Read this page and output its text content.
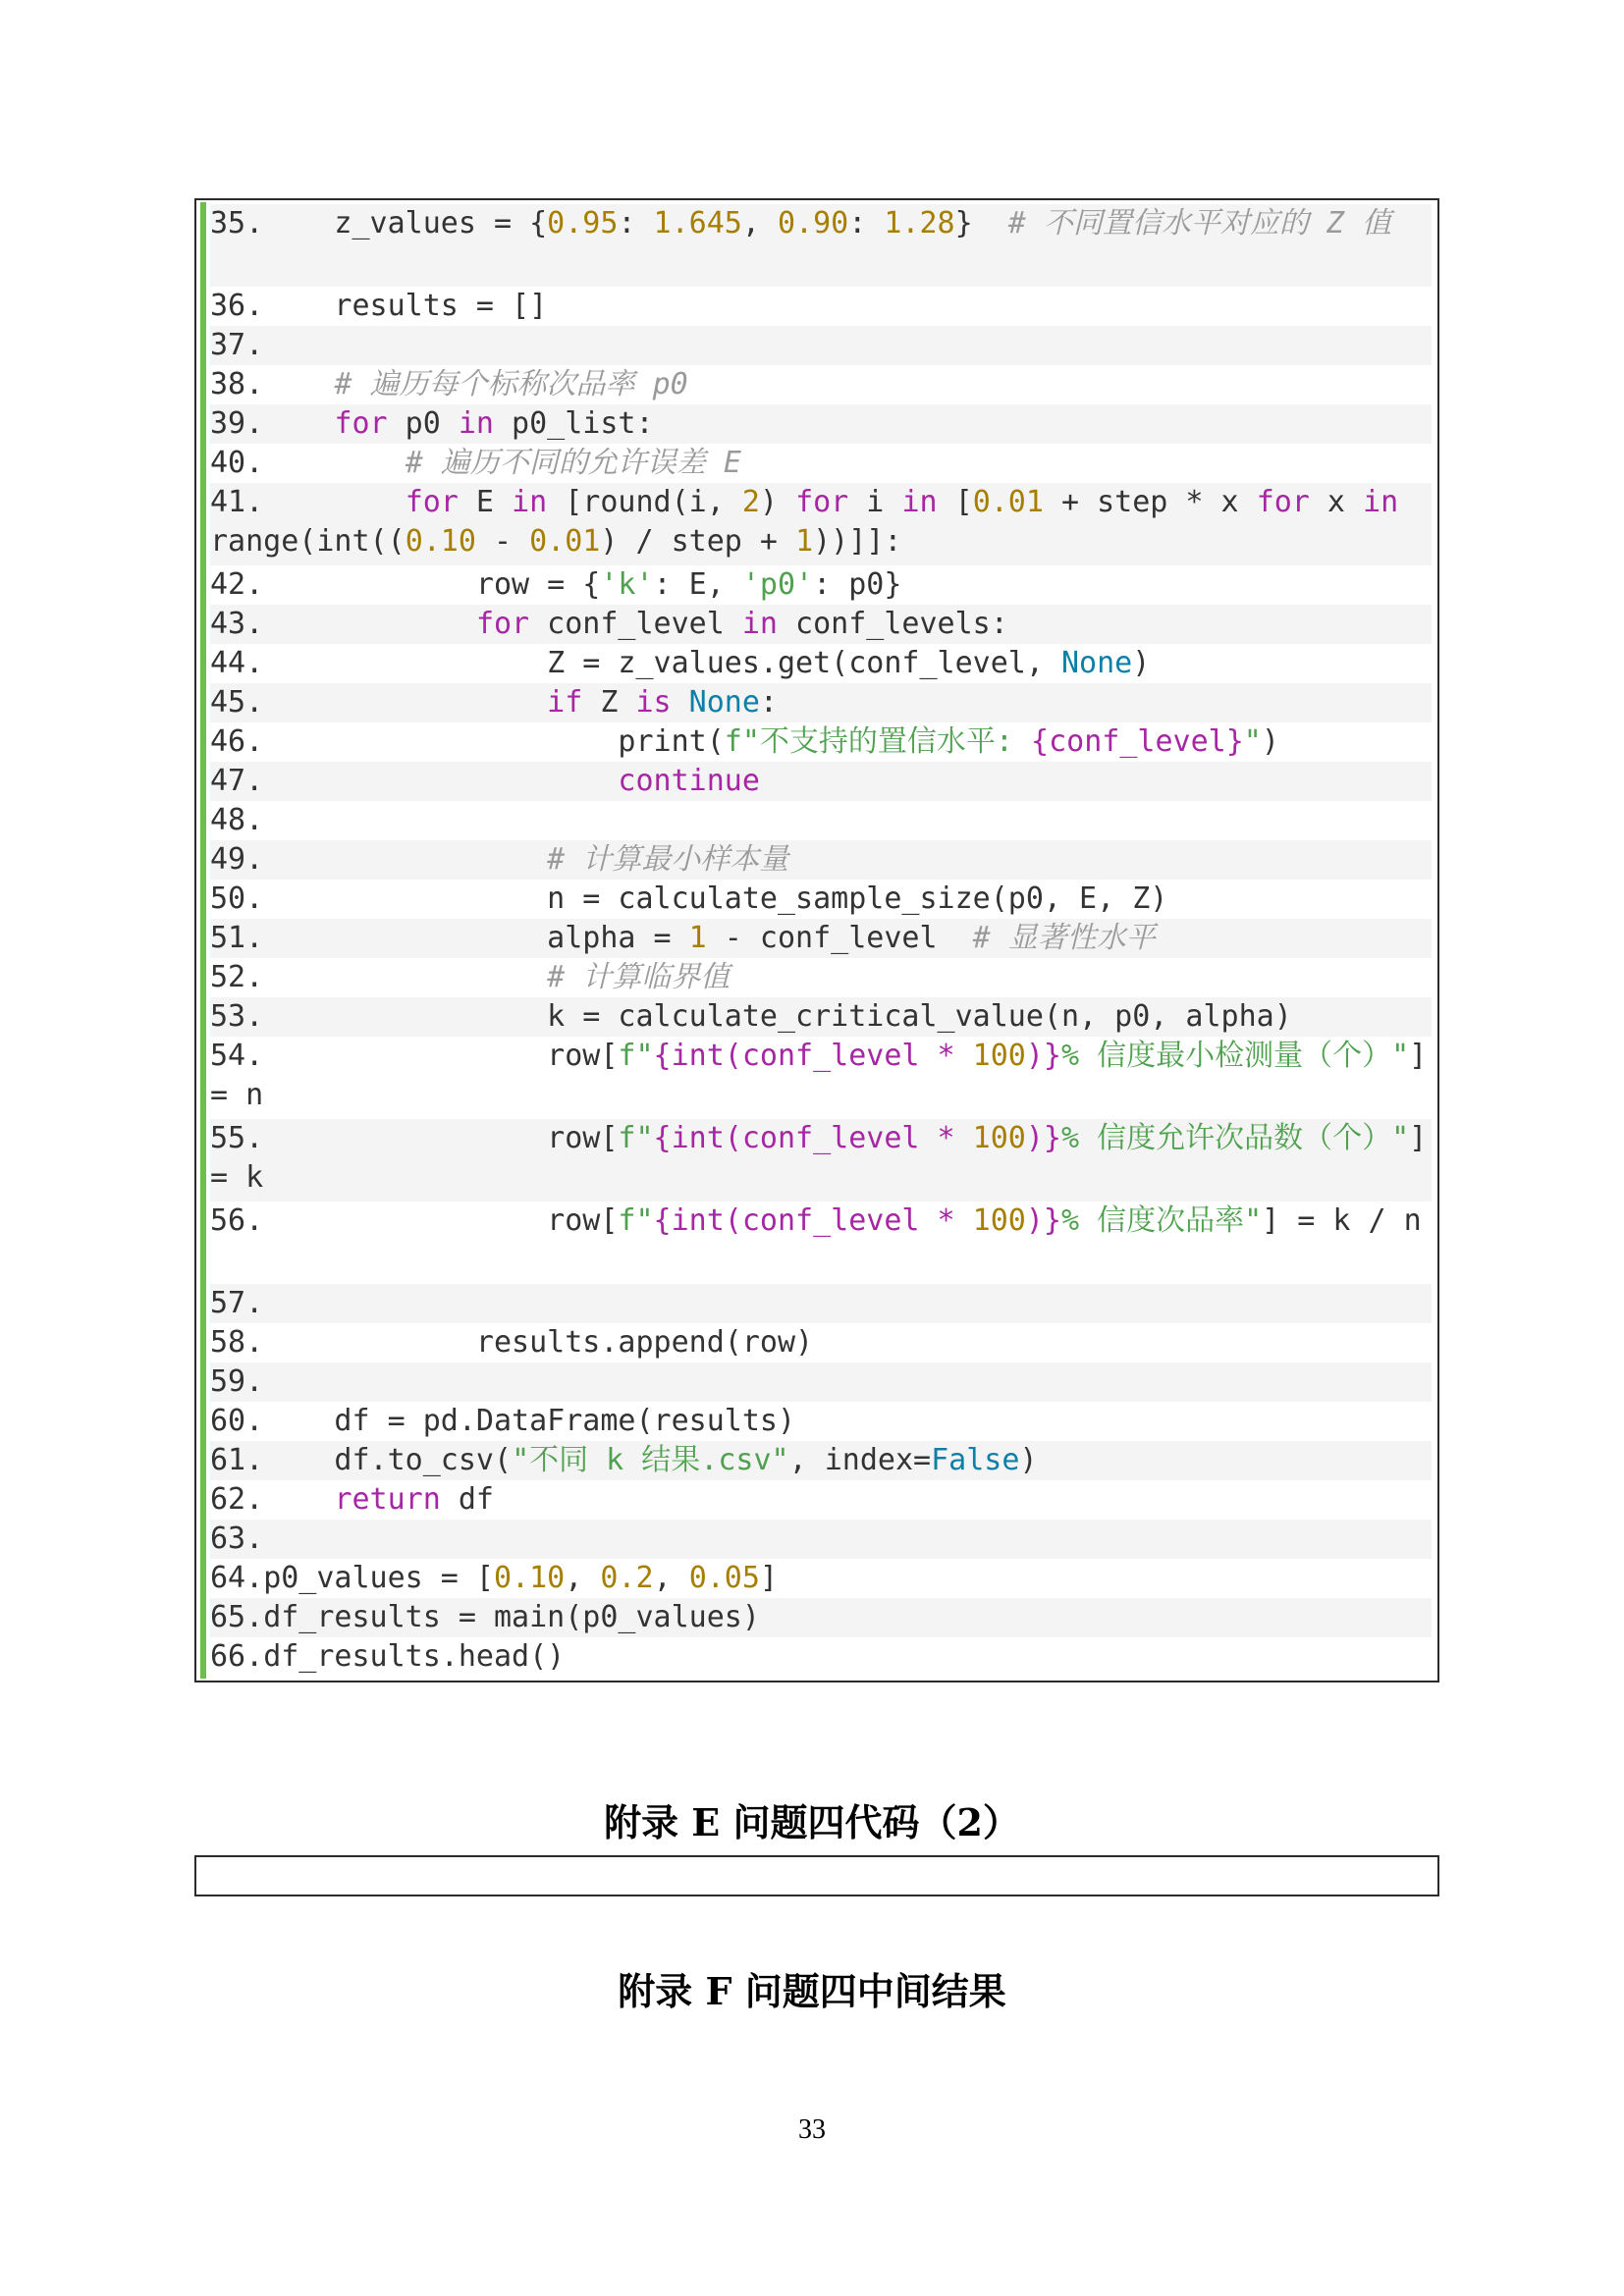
35.    z_values = {0.95: 1.645, 0.90: 1.28}  # 不同置信水平对应的 Z 值
36.    results = []
37.
38. # 遍历每个标称次品率 p0
39. for p0 in p0_list:
40.	# 遍历不同的允许误差 E
41.	for E in [round(i, 2) for i in [0.01 + step * x for x in range(int((0.10 - 0.01) / step + 1))]]:
42.            row = {'k': E, 'p0': p0}
43.	for conf_level in conf_levels:
44.                Z = z_values.get(conf_level, None)
45.	if Z is None:
46.                    print(f"不支持的置信水平: {conf_level}")
47.	continue
48.
49.	# 计算最小样本量
50.                n = calculate_sample_size(p0, E, Z)
51.                alpha = 1 - conf_level  # 显著性水平
52.	# 计算临界值
53.                k = calculate_critical_value(n, p0, alpha)
54.                row[f"{int(conf_level * 100)}% 信度最小检测量（个）"] = n
55.                row[f"{int(conf_level * 100)}% 信度允许次品数（个）"] = k
56.                row[f"{int(conf_level * 100)}% 信度次品率"] = k / n
57.
58.            results.append(row)
59.
60.    df = pd.DataFrame(results)
61.    df.to_csv("不同 k 结果.csv", index=False)
62. return df
63.
64.p0_values = [0.10, 0.2, 0.05]
65.df_results = main(p0_values)
66.df_results.head()
附录 E 问题四代码（2）
附录 F 问题四中间结果
33
